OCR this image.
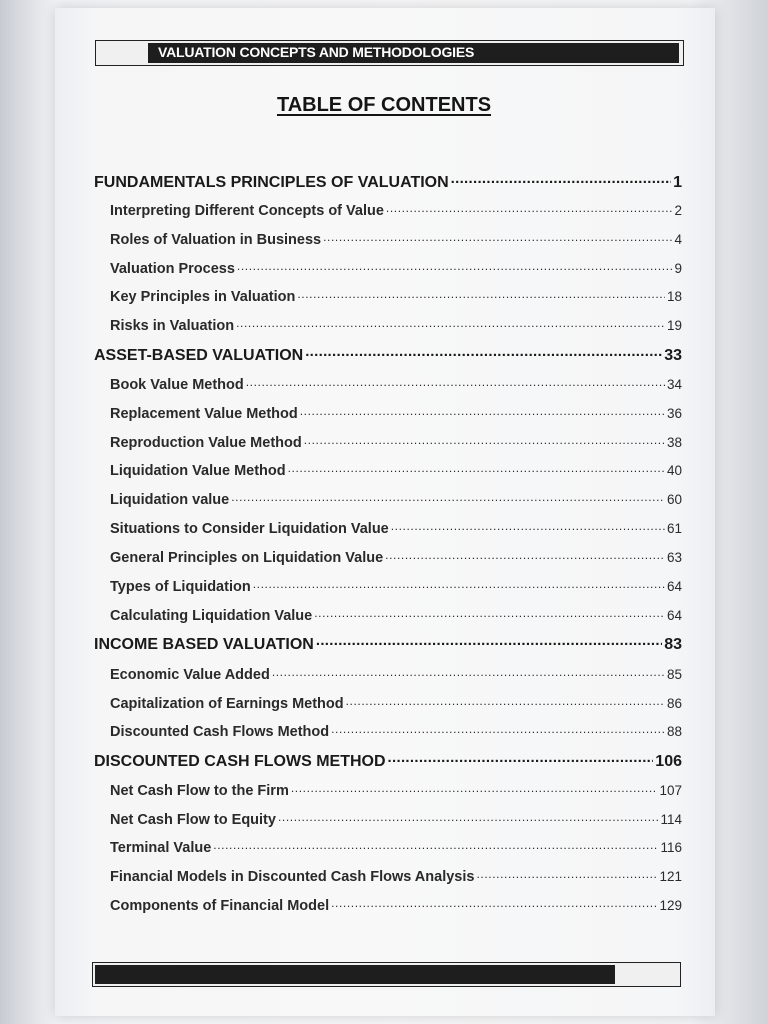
VALUATION CONCEPTS AND METHODOLOGIES
TABLE OF CONTENTS
FUNDAMENTALS PRINCIPLES OF VALUATION .....	1
Interpreting Different Concepts of Value .....	2
Roles of Valuation in Business .....	4
Valuation Process .....	9
Key Principles in Valuation .....	18
Risks in Valuation .....	19
ASSET-BASED VALUATION .....	33
Book Value Method .....	34
Replacement Value Method .....	36
Reproduction Value Method .....	38
Liquidation Value Method .....	40
Liquidation value .....	60
Situations to Consider Liquidation Value .....	61
General Principles on Liquidation Value .....	63
Types of Liquidation .....	64
Calculating Liquidation Value .....	64
INCOME BASED VALUATION .....	83
Economic Value Added .....	85
Capitalization of Earnings Method .....	86
Discounted Cash Flows Method .....	88
DISCOUNTED CASH FLOWS METHOD .....	106
Net Cash Flow to the Firm .....	107
Net Cash Flow to Equity .....	114
Terminal Value .....	116
Financial Models in Discounted Cash Flows Analysis .....	121
Components of Financial Model .....	129
